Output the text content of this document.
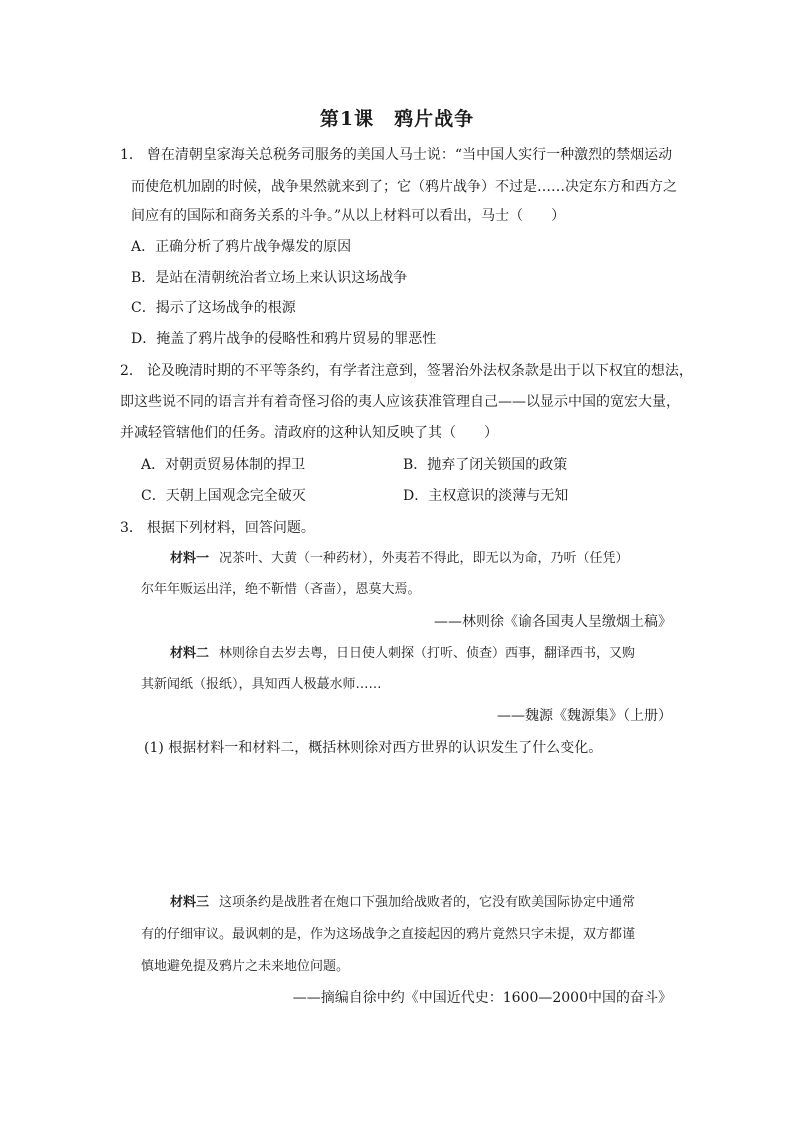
第1课　鸦片战争
1． 曾在清朝皇家海关总税务司服务的美国人马士说：“当中国人实行一种激烈的禁烟运动
而使危机加剧的时候，战争果然就来到了；它（鸦片战争）不过是……决定东方和西方之
间应有的国际和商务关系的斗争。”从以上材料可以看出，马士（　　）
A．正确分析了鸦片战争爆发的原因
B．是站在清朝统治者立场上来认识这场战争
C．揭示了这场战争的根源
D．掩盖了鸦片战争的侵略性和鸦片贸易的罪恶性
2． 论及晚清时期的不平等条约，有学者注意到，签署治外法权条款是出于以下权宜的想法，
即这些说不同的语言并有着奇怪习俗的夷人应该获准管理自己——以显示中国的宽宏大量，
并减轻管辖他们的任务。清政府的这种认知反映了其（　　）
A．对朝贡贸易体制的捍卫	B．抛弃了闭关锁国的政策
C．天朝上国观念完全破灭	D．主权意识的淡薄与无知
3． 根据下列材料，回答问题。
材料一 况茶叶、大黄（一种药材），外夷若不得此，即无以为命，乃听（任凭）
尔年年贩运出洋，绝不靳惜（吝啬），恩莫大焉。
——林则徐《谕各国夷人呈缴烟土稿》
材料二 林则徐自去岁去粤，日日使人刺探（打听、侦查）西事，翻译西书，又购
其新闻纸（报纸），具知西人极蕞水师……
——魏源《魏源集》（上册）
(1) 根据材料一和材料二，概括林则徐对西方世界的认识发生了什么变化。
材料三 这项条约是战胜者在炮口下强加给战败者的，它没有欧美国际协定中通常
有的仔细审议。最讽刺的是，作为这场战争之直接起因的鸦片竟然只字未提，双方都谨
慎地避免提及鸦片之未来地位问题。
——摘编自徐中约《中国近代史：1600—2000中国的奋斗》
